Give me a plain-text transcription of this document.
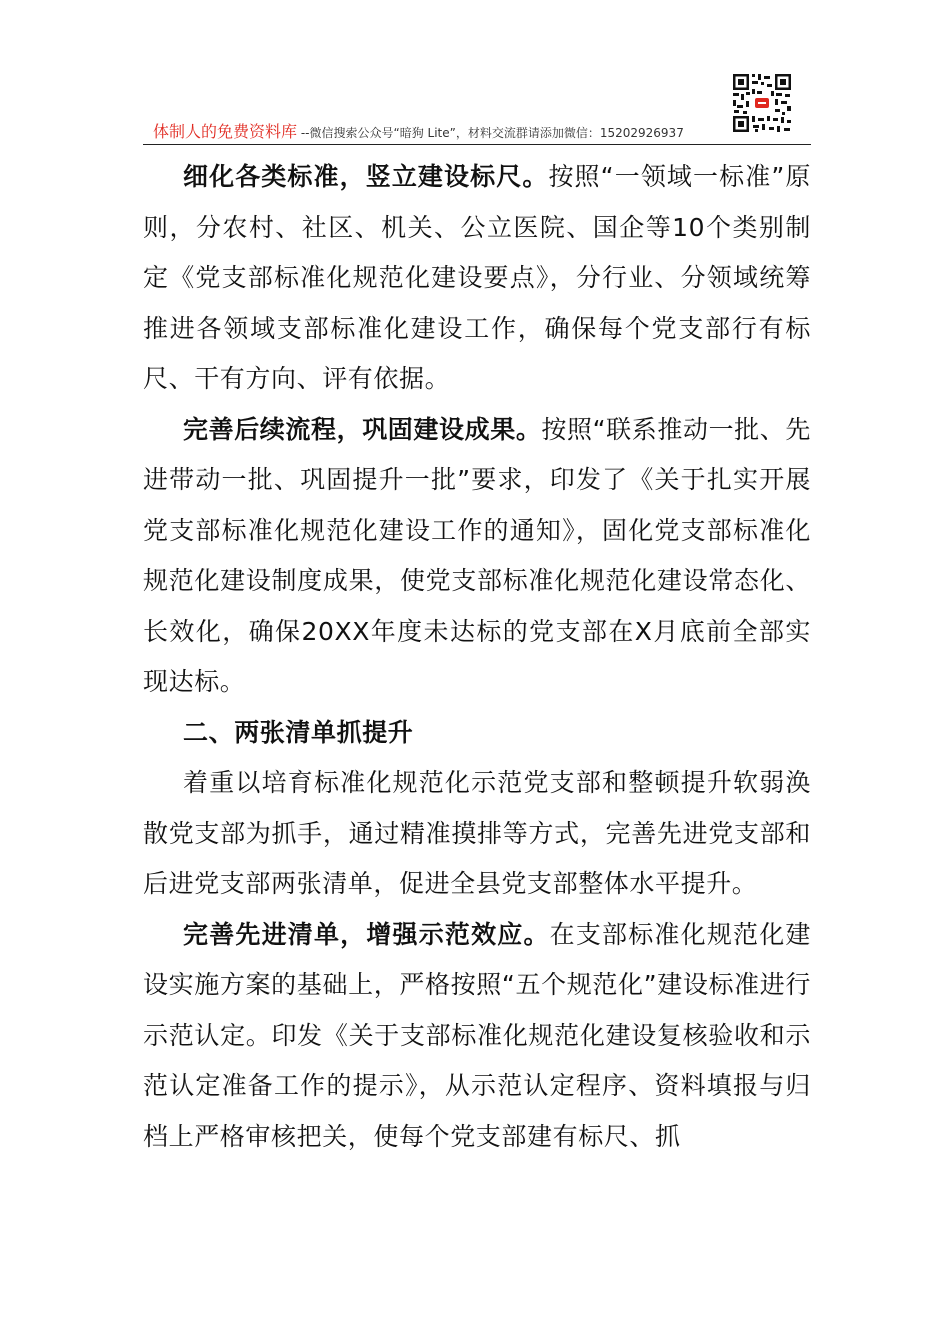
体制人的免费资料库 --微信搜索公众号“暗狗 Lite”，材料交流群请添加微信：15202926937

细化各类标准，竖立建设标尺。按照“一领域一标准”原则，分农村、社区、机关、公立医院、国企等10个类别制定《党支部标准化规范化建设要点》，分行业、分领域统筹推进各领域支部标准化建设工作，确保每个党支部行有标尺、干有方向、评有依据。

完善后续流程，巩固建设成果。按照“联系推动一批、先进带动一批、巩固提升一批”要求，印发了《关于扎实开展党支部标准化规范化建设工作的通知》，固化党支部标准化规范化建设制度成果，使党支部标准化规范化建设常态化、长效化，确保20XX年度未达标的党支部在X月底前全部实现达标。

二、两张清单抓提升

着重以培育标准化规范化示范党支部和整顿提升软弱涣散党支部为抓手，通过精准摸排等方式，完善先进党支部和后进党支部两张清单，促进全县党支部整体水平提升。

完善先进清单，增强示范效应。在支部标准化规范化建设实施方案的基础上，严格按照“五个规范化”建设标准进行示范认定。印发《关于支部标准化规范化建设复核验收和示范认定准备工作的提示》，从示范认定程序、资料填报与归档上严格审核把关，使每个党支部建有标尺、抓
